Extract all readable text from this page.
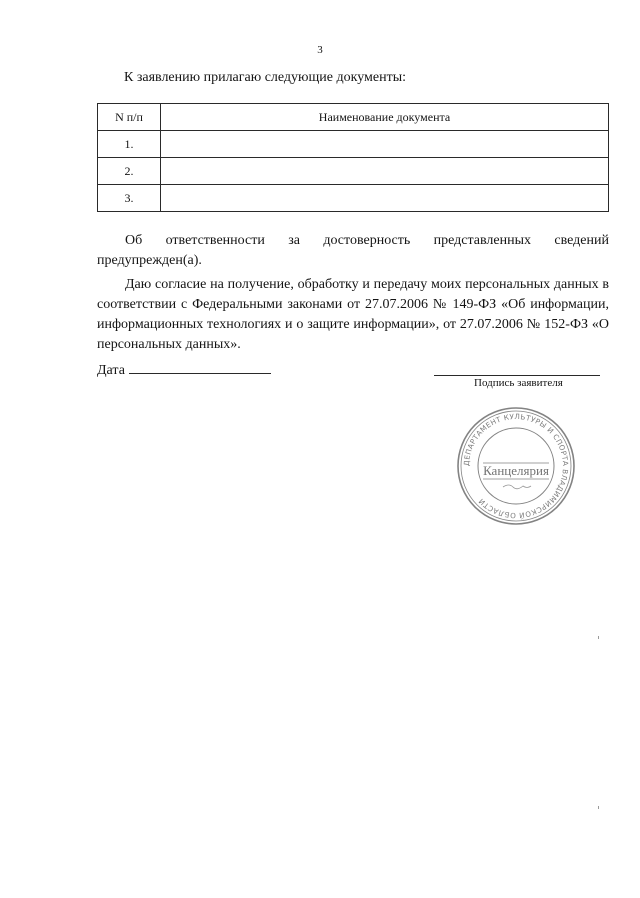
3
К заявлению прилагаю следующие документы:
N п/п	Наименование документа
1.	
2.	
3.	

Об ответственности за достоверность представленных сведений предупрежден(а).

Даю согласие на получение, обработку и передачу моих персональных данных в соответствии с Федеральными законами от 27.07.2006 № 149-ФЗ «Об информации, информационных технологиях и о защите информации», от 27.07.2006 № 152-ФЗ «О персональных данных».

Дата
Подпись заявителя
ДЕПАРТАМЕНТ КУЛЬТУРЫ И СПОРТА ВЛАДИМИРСКОЙ ОБЛАСТИ
Канцелярия
